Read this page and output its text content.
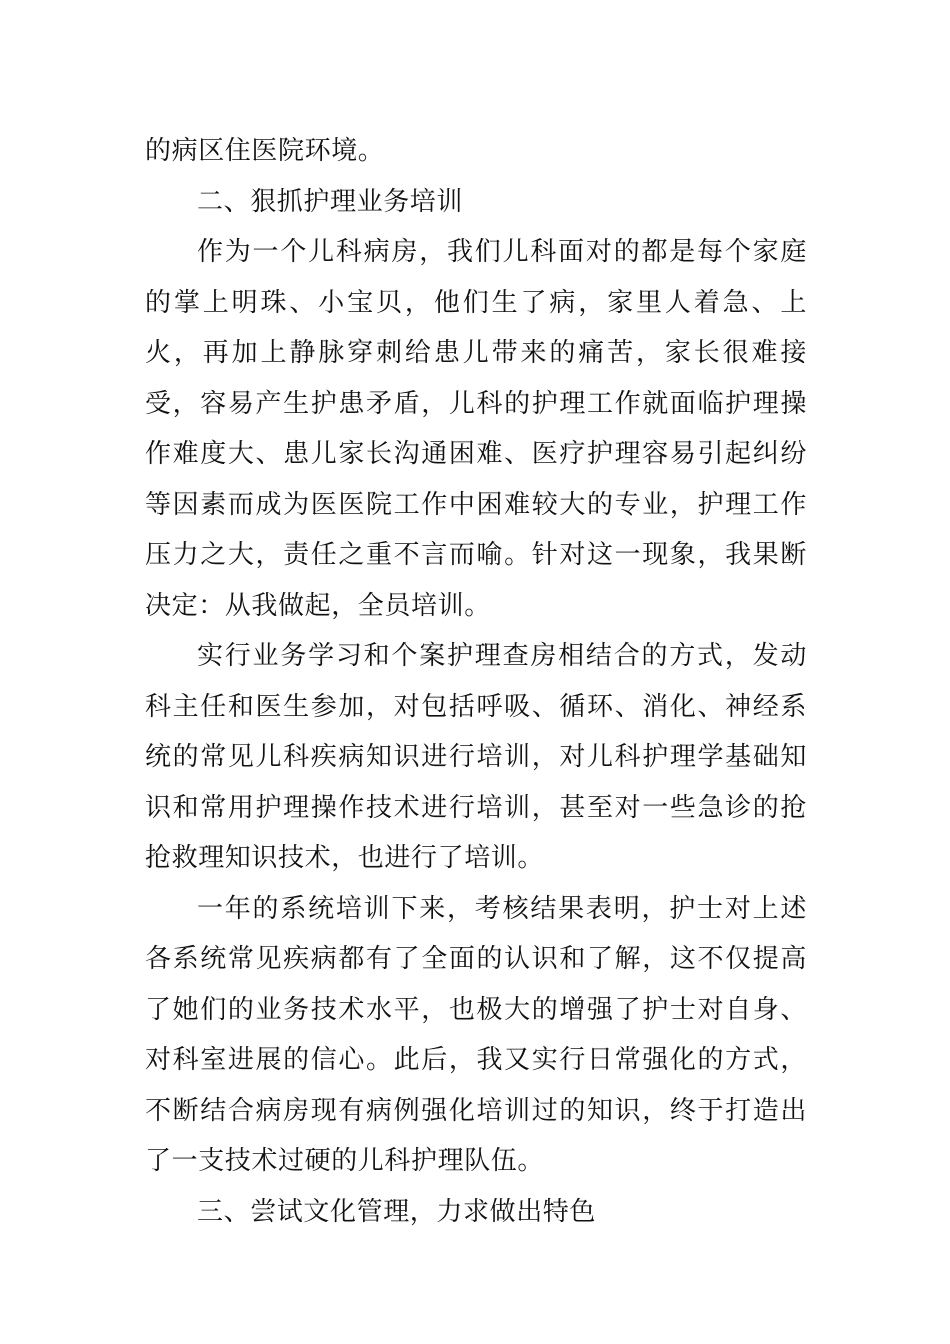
的病区住医院环境。

二、狠抓护理业务培训

作为一个儿科病房，我们儿科面对的都是每个家庭的掌上明珠、小宝贝，他们生了病，家里人着急、上火，再加上静脉穿刺给患儿带来的痛苦，家长很难接受，容易产生护患矛盾，儿科的护理工作就面临护理操作难度大、患儿家长沟通困难、医疗护理容易引起纠纷等因素而成为医医院工作中困难较大的专业，护理工作压力之大，责任之重不言而喻。针对这一现象，我果断决定：从我做起，全员培训。

实行业务学习和个案护理查房相结合的方式，发动科主任和医生参加，对包括呼吸、循环、消化、神经系统的常见儿科疾病知识进行培训，对儿科护理学基础知识和常用护理操作技术进行培训，甚至对一些急诊的抢抢救理知识技术，也进行了培训。

一年的系统培训下来，考核结果表明，护士对上述各系统常见疾病都有了全面的认识和了解，这不仅提高了她们的业务技术水平，也极大的增强了护士对自身、对科室进展的信心。此后，我又实行日常强化的方式，不断结合病房现有病例强化培训过的知识，终于打造出了一支技术过硬的儿科护理队伍。

三、尝试文化管理，力求做出特色
